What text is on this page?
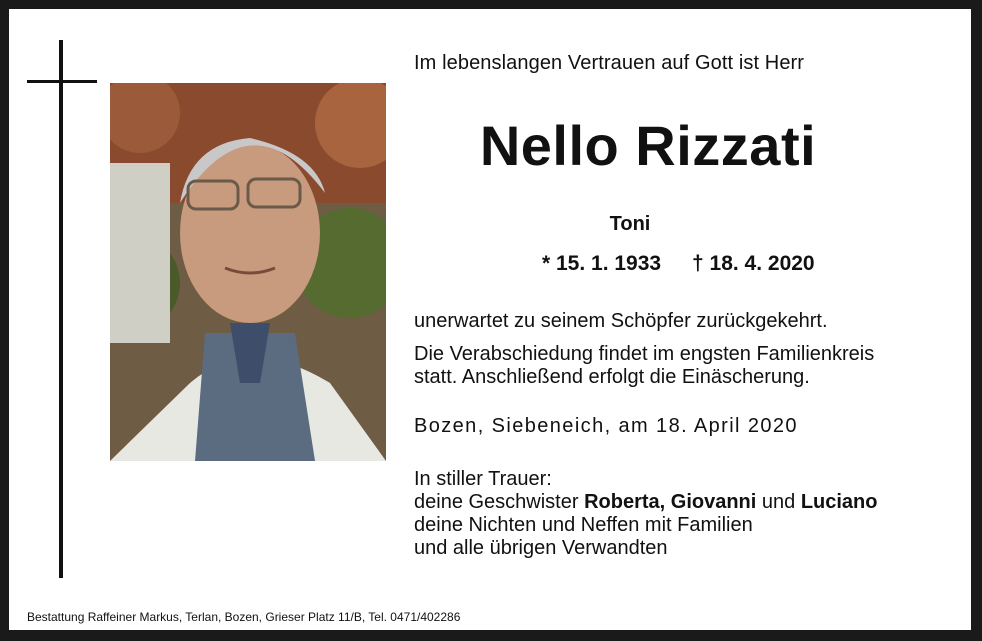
Im lebenslangen Vertrauen auf Gott ist Herr
Nello Rizzati
Toni
* 15. 1. 1933 † 18. 4. 2020
unerwartet zu seinem Schöpfer zurückgekehrt.
Die Verabschiedung findet im engsten Familienkreis
statt. Anschließend erfolgt die Einäscherung.
Bozen, Siebeneich, am 18. April 2020
In stiller Trauer:
deine Geschwister Roberta, Giovanni und Luciano
deine Nichten und Neffen mit Familien
und alle übrigen Verwandten
Bestattung Raffeiner Markus, Terlan, Bozen, Grieser Platz 11/B, Tel. 0471/402286
